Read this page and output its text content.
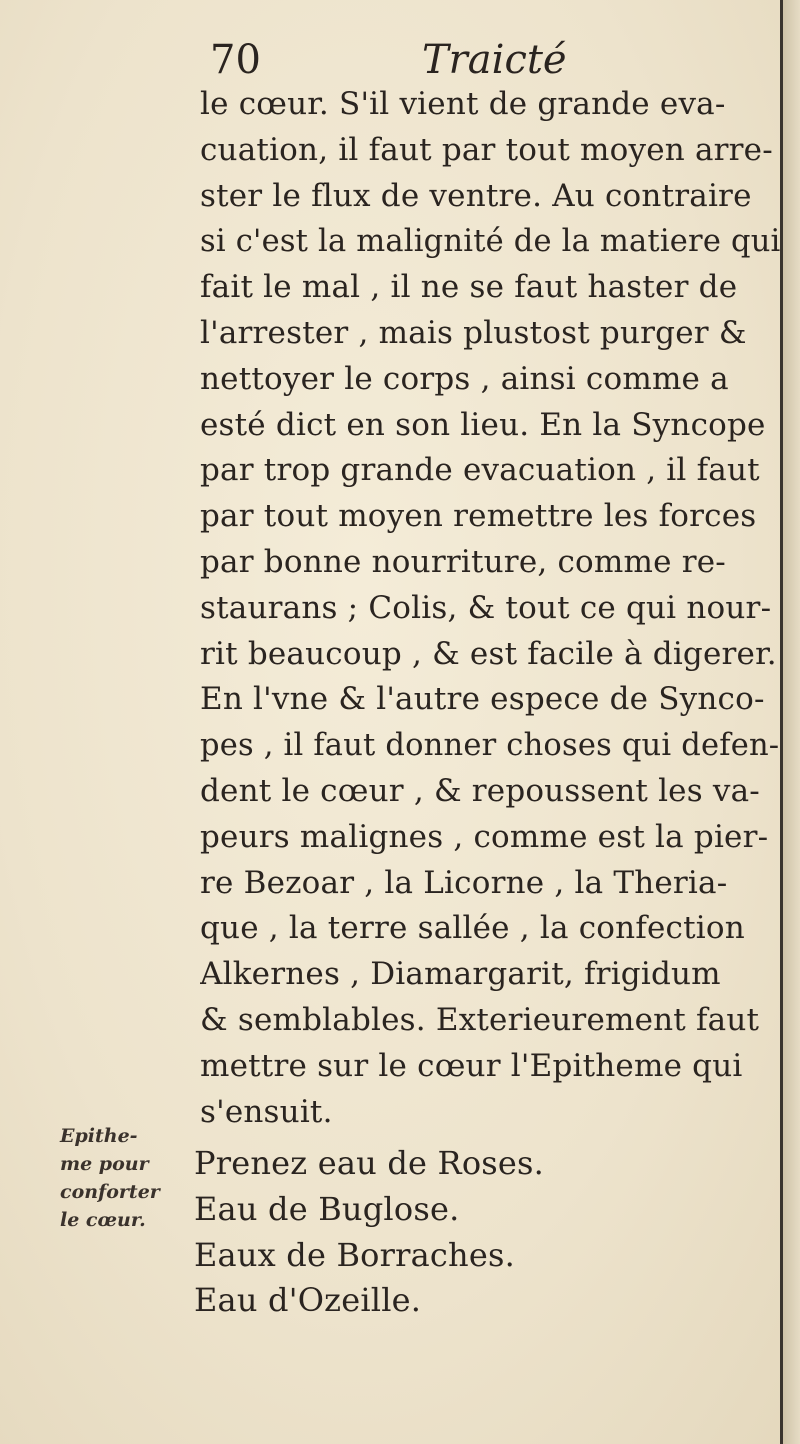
70	Traicté
le cœur. S'il vient de grande eva-
cuation, il faut par tout moyen arre-
ster le flux de ventre. Au contraire
si c'est la malignité de la matiere qui
fait le mal , il ne se faut haster de
l'arrester , mais plustost purger &
nettoyer le corps , ainsi comme a
esté dict en son lieu. En la Syncope
par trop grande evacuation , il faut
par tout moyen remettre les forces
par bonne nourriture, comme re-
staurans ; Colis, & tout ce qui nour-
rit beaucoup , & est facile à digerer.
En l'vne & l'autre espece de Synco-
pes , il faut donner choses qui defen-
dent le cœur , & repoussent les va-
peurs malignes , comme est la pier-
re Bezoar , la Licorne , la Theria-
que , la terre sallée , la confection
Alkernes , Diamargarit, frigidum
& semblables. Exterieurement faut
mettre sur le cœur l'Epitheme qui
s'ensuit.
Epithe-
me pour
conforter
le cœur.
Prenez eau de Roses.
Eau de Buglose.
Eaux de Borraches.
Eau d'Ozeille.
